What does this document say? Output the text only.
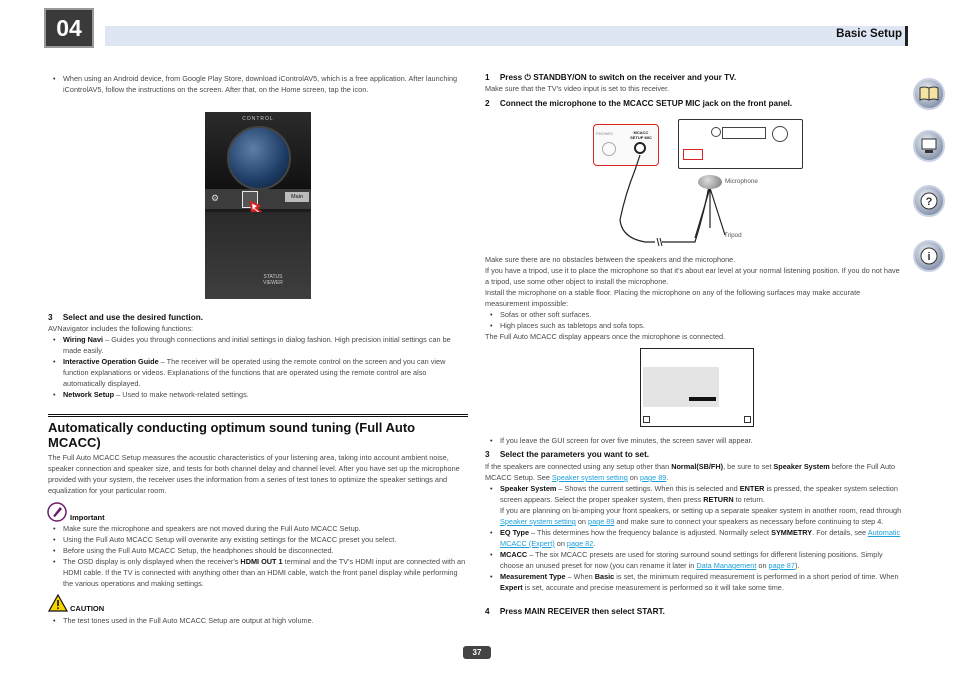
04	Basic Setup
?
i
• When using an Android device, from Google Play Store, download iControlAV5, which is a free application. After launching iControlAV5, follow the instructions on the screen. After that, on the Home screen, tap the icon.
CONTROL
⚙	Main
STATUS VIEWER
3 Select and use the desired function.
AVNavigator includes the following functions:
• Wiring Navi – Guides you through connections and initial settings in dialog fashion. High precision initial settings can be made easily.
• Interactive Operation Guide – The receiver will be operated using the remote control on the screen and you can view function explanations or videos. Explanations of the functions that are operated using the remote control are also automatically displayed.
• Network Setup – Used to make network-related settings.
Automatically conducting optimum sound tuning (Full Auto MCACC)
The Full Auto MCACC Setup measures the acoustic characteristics of your listening area, taking into account ambient noise, speaker connection and speaker size, and tests for both channel delay and channel level. After you have set up the microphone provided with your system, the receiver uses the information from a series of test tones to optimize the speaker settings and equalization for your particular room.
Important
• Make sure the microphone and speakers are not moved during the Full Auto MCACC Setup.
• Using the Full Auto MCACC Setup will overwrite any existing settings for the MCACC preset you select.
• Before using the Full Auto MCACC Setup, the headphones should be disconnected.
• The OSD display is only displayed when the receiver's HDMI OUT 1 terminal and the TV's HDMI input are connected with an HDMI cable. If the TV is connected with anything other than an HDMI cable, watch the front panel display while performing the various operations and making settings.
CAUTION
• The test tones used in the Full Auto MCACC Setup are output at high volume.
1 Press ⏻ STANDBY/ON to switch on the receiver and your TV.
Make sure that the TV's video input is set to this receiver.
2 Connect the microphone to the MCACC SETUP MIC jack on the front panel.
PHONES	MCACC SETUP MIC
Microphone
Tripod
Make sure there are no obstacles between the speakers and the microphone.
If you have a tripod, use it to place the microphone so that it's about ear level at your normal listening position. If you do not have a tripod, use some other object to install the microphone.
Install the microphone on a stable floor. Placing the microphone on any of the following surfaces may make accurate measurement impossible:
• Sofas or other soft surfaces.
• High places such as tabletops and sofa tops.
The Full Auto MCACC display appears once the microphone is connected.
• If you leave the GUI screen for over five minutes, the screen saver will appear.
3 Select the parameters you want to set.
If the speakers are connected using any setup other than Normal(SB/FH), be sure to set Speaker System before the Full Auto MCACC Setup. See Speaker system setting on page 89.
• Speaker System – Shows the current settings. When this is selected and ENTER is pressed, the speaker system selection screen appears. Select the proper speaker system, then press RETURN to return.
If you are planning on bi-amping your front speakers, or setting up a separate speaker system in another room, read through Speaker system setting on page 89 and make sure to connect your speakers as necessary before continuing to step 4.
• EQ Type – This determines how the frequency balance is adjusted. Normally select SYMMETRY. For details, see Automatic MCACC (Expert) on page 82.
• MCACC – The six MCACC presets are used for storing surround sound settings for different listening positions. Simply choose an unused preset for now (you can rename it later in Data Management on page 87).
• Measurement Type – When Basic is set, the minimum required measurement is performed in a short period of time. When Expert is set, accurate and precise measurement is performed so it will take some time.
4 Press MAIN RECEIVER then select START.
37
